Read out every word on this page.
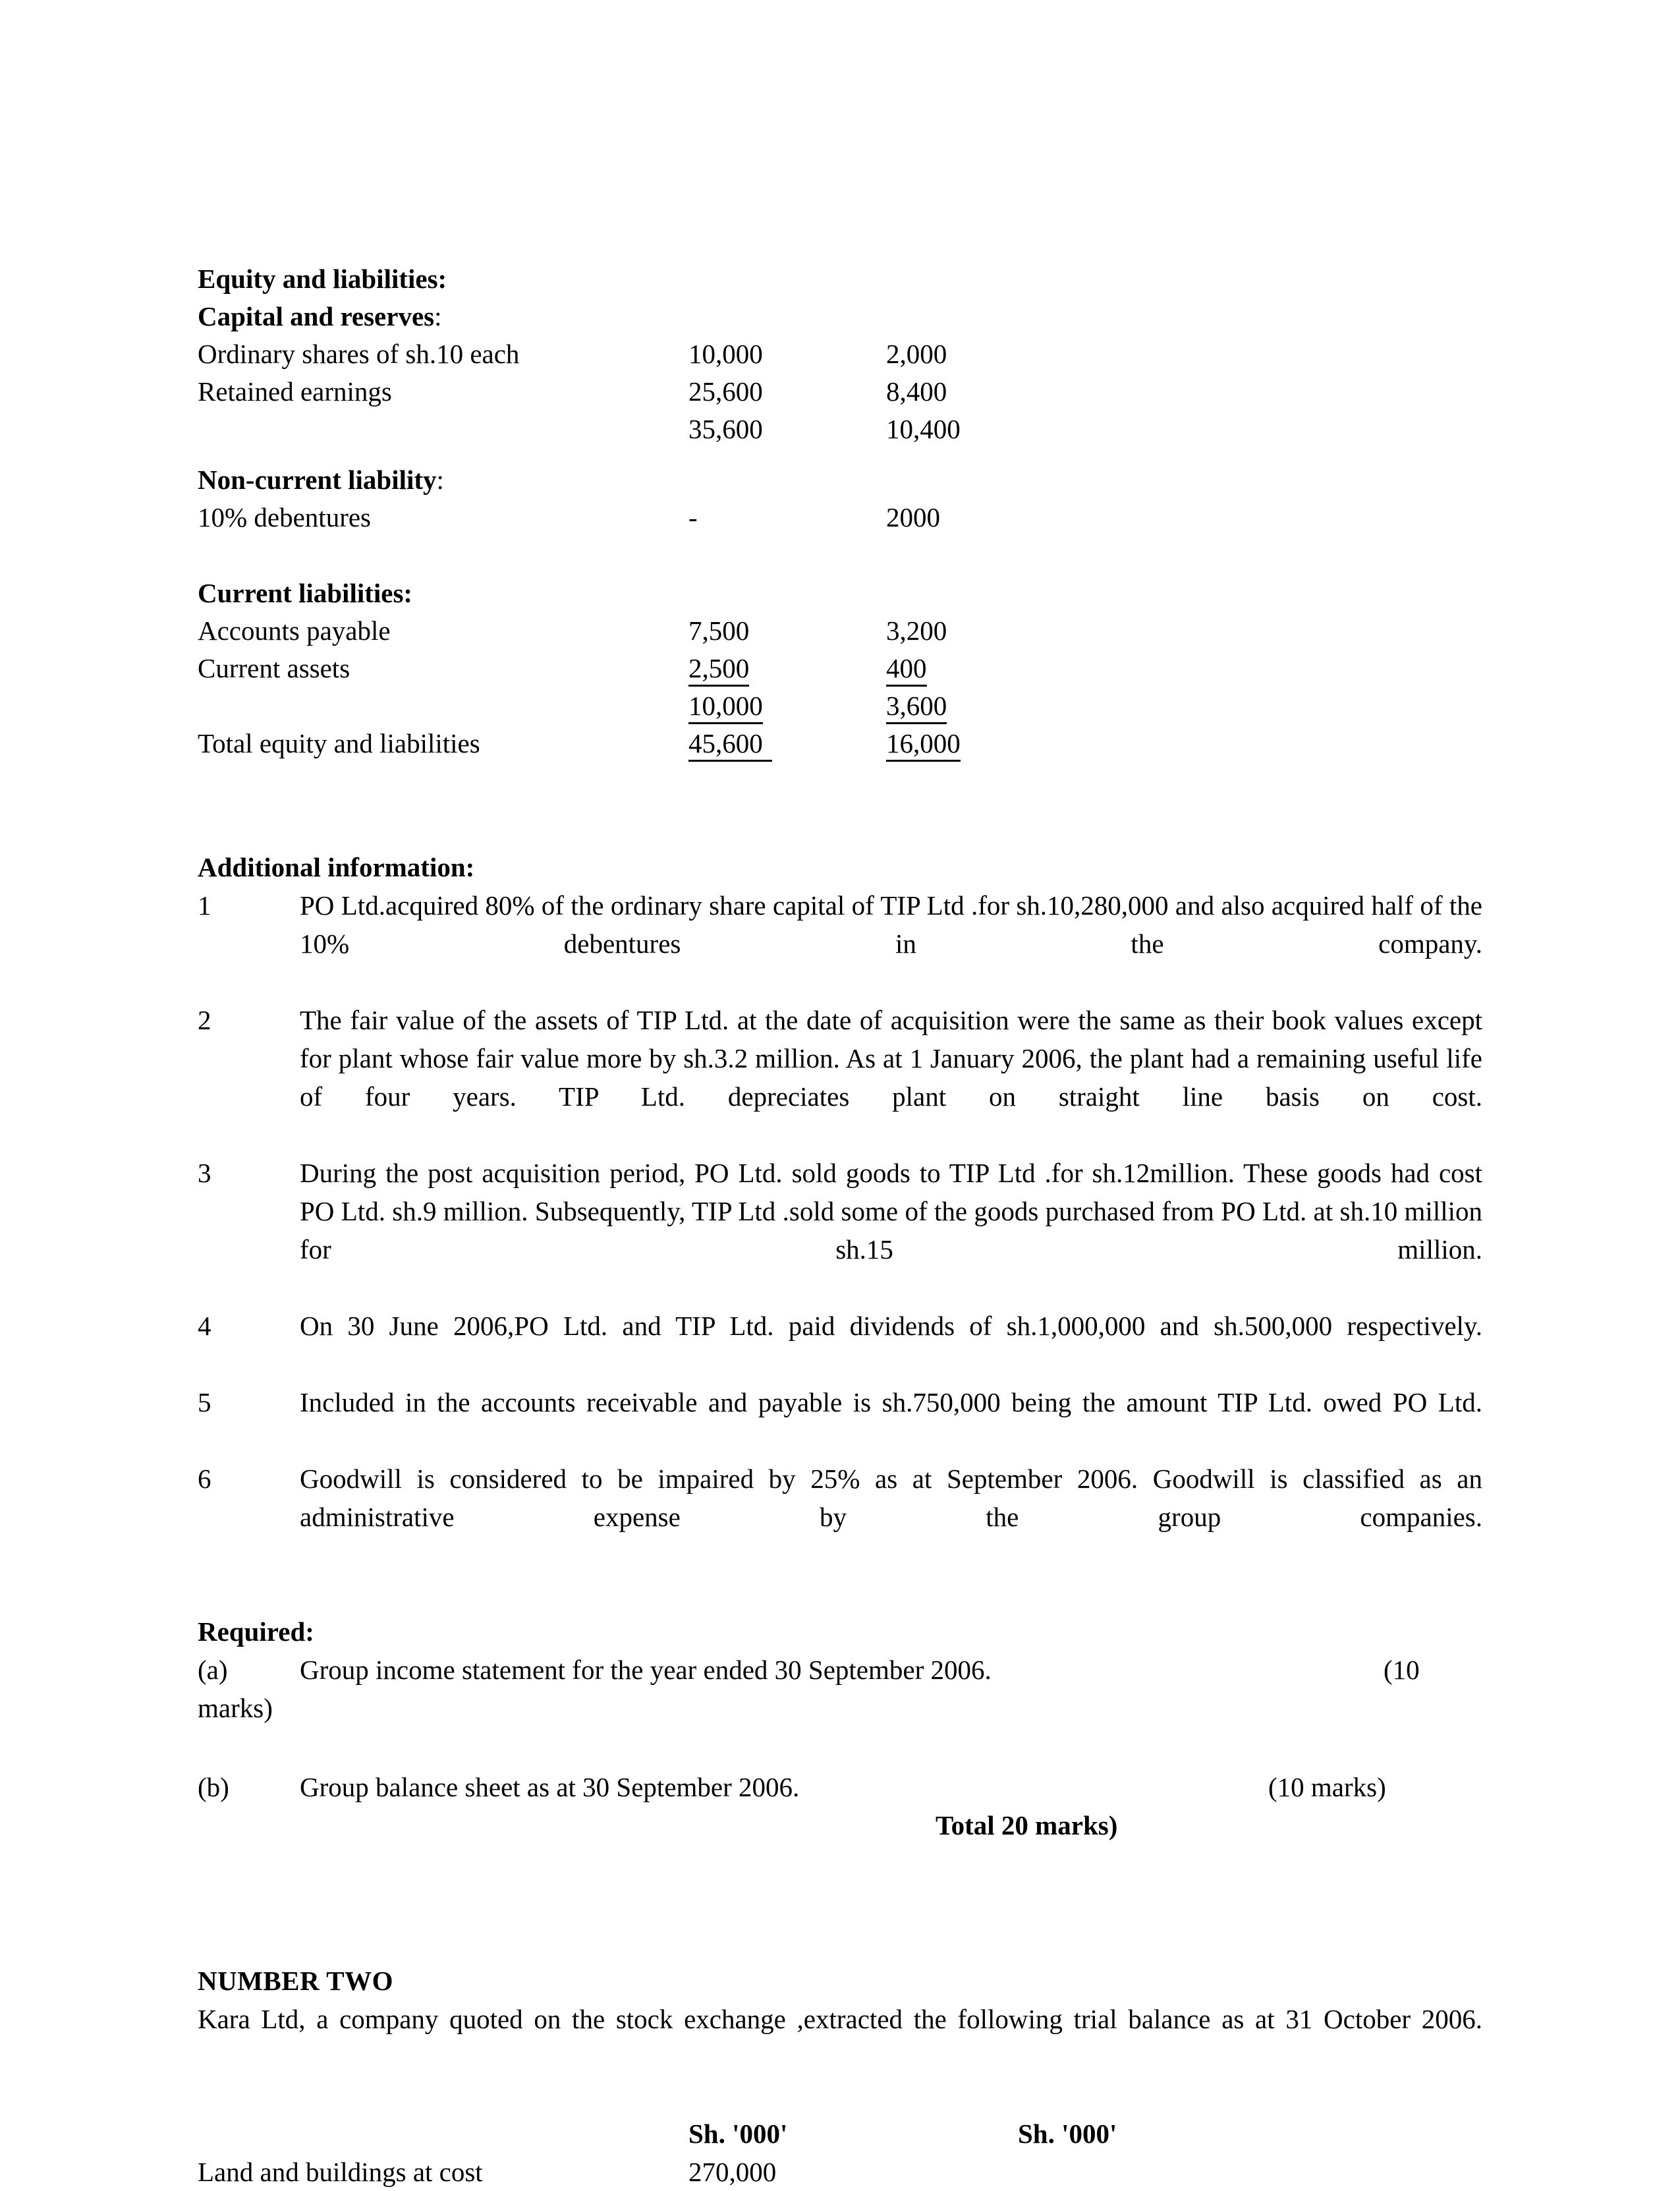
Equity and liabilities:		
Capital and reserves:		
Ordinary shares of sh.10 each	10,000	2,000
Retained earnings	25,600	8,400
	35,600	10,400

Non-current liability:		
10% debentures	-	2000

Current liabilities:		
Accounts payable	7,500	3,200
Current assets	2,500	400
	10,000	3,600
Total equity and liabilities	45,600	16,000
Additional information:
1	PO Ltd.acquired 80% of the ordinary share capital of TIP Ltd .for sh.10,280,000 and also acquired half of the 10% debentures in the company.
2	The fair value of the assets of TIP Ltd. at the date of acquisition were the same as their book values except for plant whose fair value more by sh.3.2 million. As at 1 January 2006, the plant had a remaining useful life of four years. TIP Ltd. depreciates plant on straight line basis on cost.
3	During the post acquisition period, PO Ltd. sold goods to TIP Ltd .for sh.12million. These goods had cost PO Ltd. sh.9 million. Subsequently, TIP Ltd .sold some of the goods purchased from PO Ltd. at sh.10 million for sh.15 million.
4	On 30 June 2006,PO Ltd. and TIP Ltd. paid dividends of sh.1,000,000 and sh.500,000 respectively.
5	Included in the accounts receivable and payable is sh.750,000 being the amount TIP Ltd. owed PO Ltd.
6	Goodwill is considered to be impaired by 25% as at September 2006. Goodwill is classified as an administrative expense by the group companies.
Required:
(a)	Group income statement for the year ended 30 September 2006.	(10
marks)
(b)	Group balance sheet as at 30 September 2006.	(10 marks)
Total 20 marks)
NUMBER TWO
Kara Ltd, a company quoted on the stock exchange ,extracted the following trial balance as at 31 October 2006.
	Sh. '000'	Sh. '000'
Land and buildings at cost	270,000	
